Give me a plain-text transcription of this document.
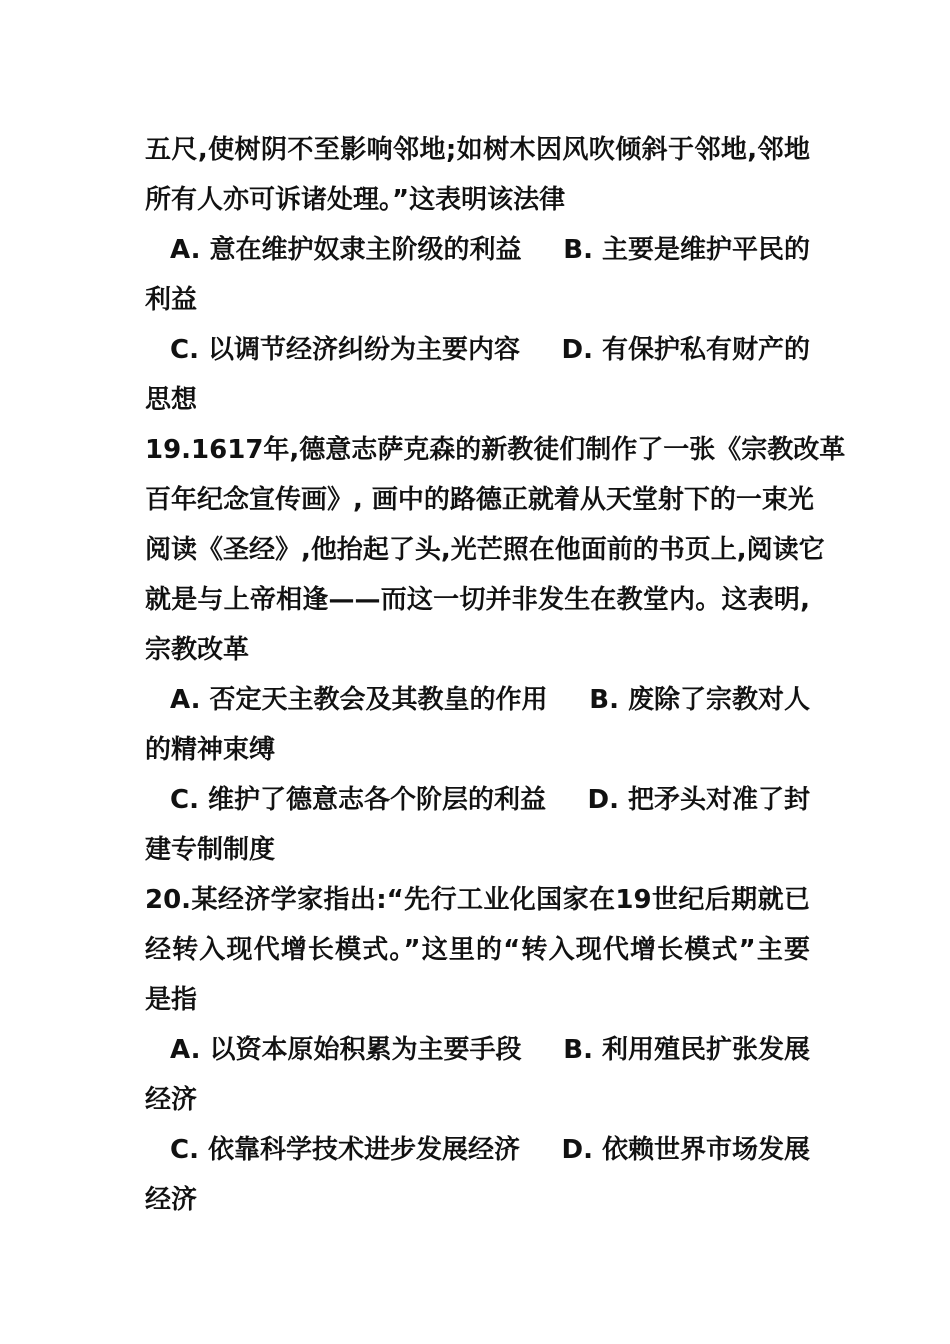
五尺,使树阴不至影响邻地;如树木因风吹倾斜于邻地,邻地
所有人亦可诉诸处理。”这表明该法律
A. 意在维护奴隶主阶级的利益 B. 主要是维护平民的
利益
C. 以调节经济纠纷为主要内容 D. 有保护私有财产的
思想
19.1617年,德意志萨克森的新教徒们制作了一张《宗教改革
百年纪念宣传画》, 画中的路德正就着从天堂射下的一束光
阅读《圣经》,他抬起了头,光芒照在他面前的书页上,阅读它
就是与上帝相逢——而这一切并非发生在教堂内。这表明,
宗教改革
A. 否定天主教会及其教皇的作用 B. 废除了宗教对人
的精神束缚
C. 维护了德意志各个阶层的利益 D. 把矛头对准了封
建专制制度
20.某经济学家指出:“先行工业化国家在19世纪后期就已
经转入现代增长模式。”这里的“转入现代增长模式”主要
是指
A. 以资本原始积累为主要手段 B. 利用殖民扩张发展
经济
C. 依靠科学技术进步发展经济 D. 依赖世界市场发展
经济
